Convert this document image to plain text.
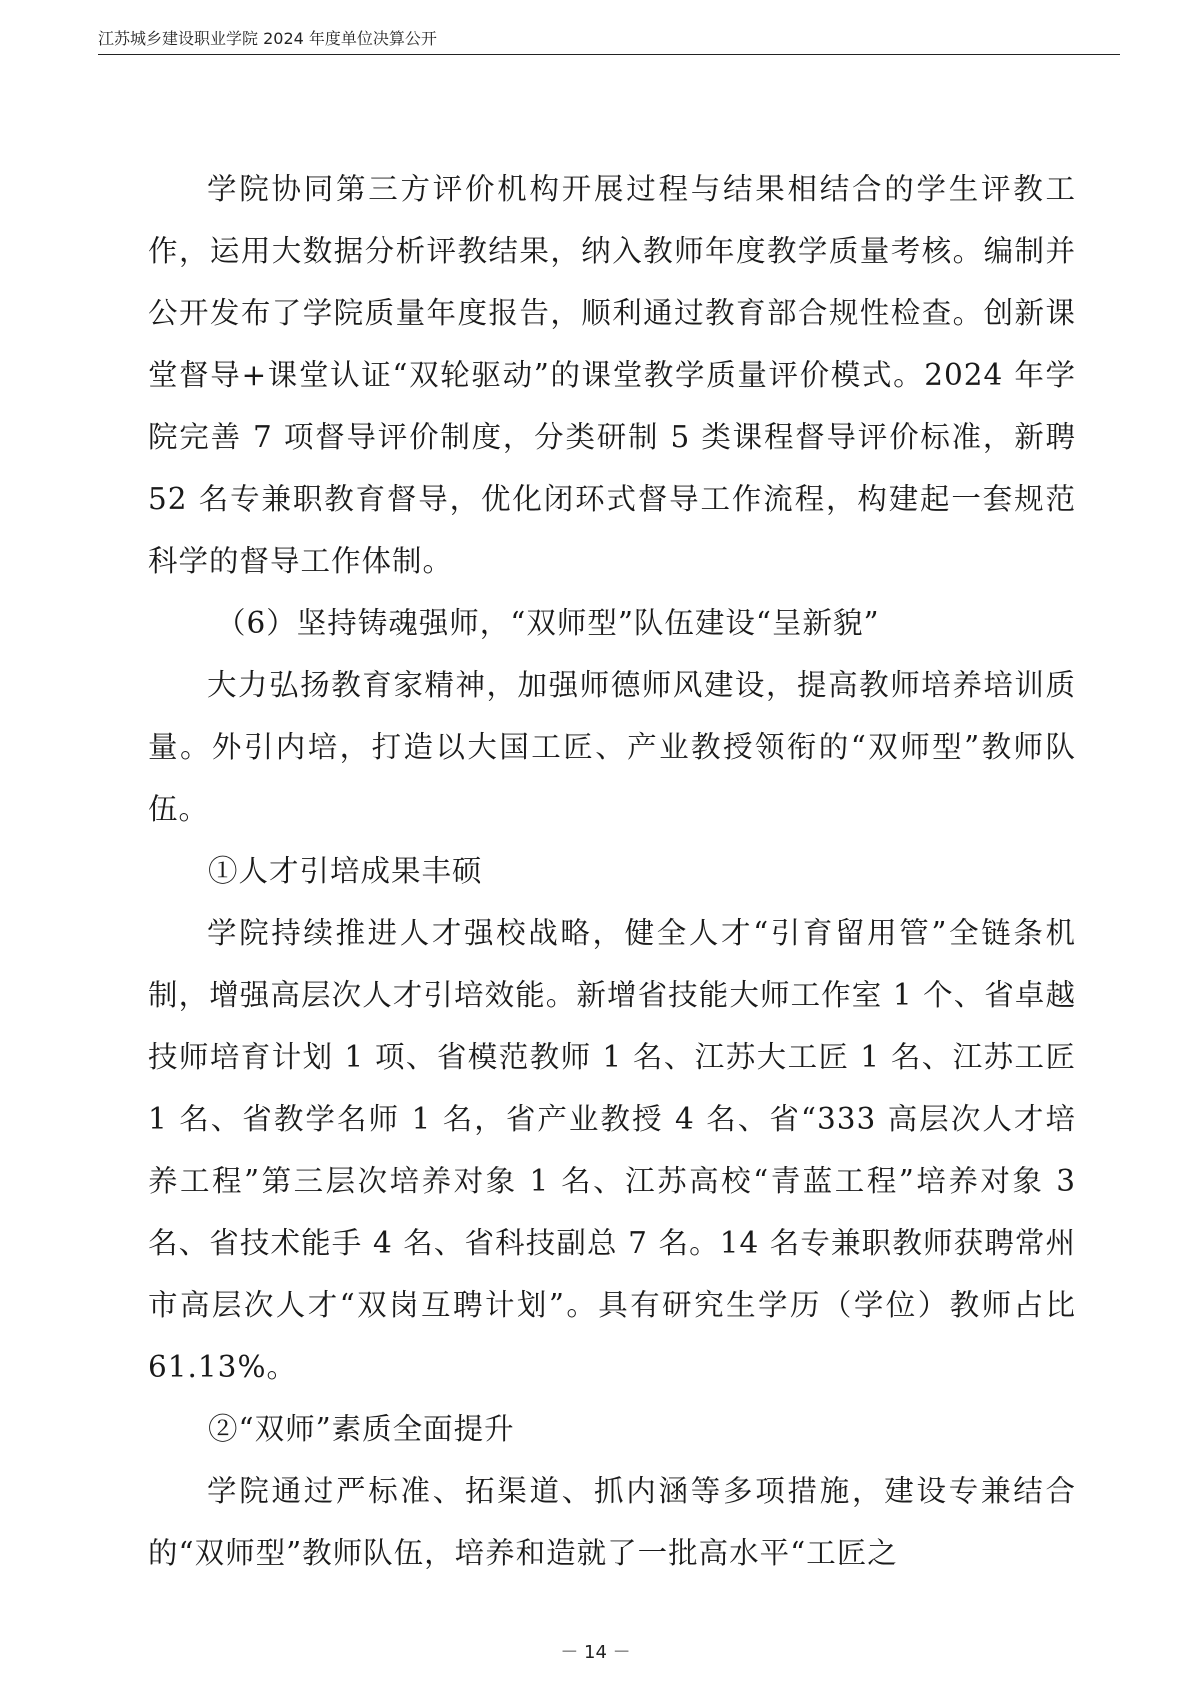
江苏城乡建设职业学院 2024 年度单位决算公开

学院协同第三方评价机构开展过程与结果相结合的学生评教工作，运用大数据分析评教结果，纳入教师年度教学质量考核。编制并公开发布了学院质量年度报告，顺利通过教育部合规性检查。创新课堂督导+课堂认证“双轮驱动”的课堂教学质量评价模式。2024 年学院完善 7 项督导评价制度，分类研制 5 类课程督导评价标准，新聘 52 名专兼职教育督导，优化闭环式督导工作流程，构建起一套规范科学的督导工作体制。

（6）坚持铸魂强师，“双师型”队伍建设“呈新貌”

大力弘扬教育家精神，加强师德师风建设，提高教师培养培训质量。外引内培，打造以大国工匠、产业教授领衔的“双师型”教师队伍。

①人才引培成果丰硕

学院持续推进人才强校战略，健全人才“引育留用管”全链条机制，增强高层次人才引培效能。新增省技能大师工作室 1 个、省卓越技师培育计划 1 项、省模范教师 1 名、江苏大工匠 1 名、江苏工匠 1 名、省教学名师 1 名，省产业教授 4 名、省“333 高层次人才培养工程”第三层次培养对象 1 名、江苏高校“青蓝工程”培养对象 3 名、省技术能手 4 名、省科技副总 7 名。14 名专兼职教师获聘常州市高层次人才“双岗互聘计划”。具有研究生学历（学位）教师占比 61.13%。

②“双师”素质全面提升

学院通过严标准、拓渠道、抓内涵等多项措施，建设专兼结合的“双师型”教师队伍，培养和造就了一批高水平“工匠之

－ 14 －
